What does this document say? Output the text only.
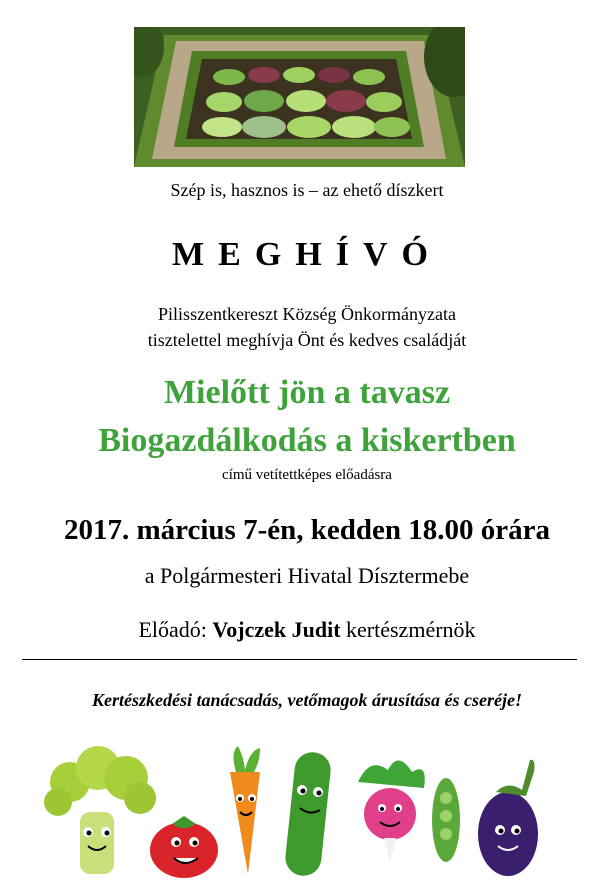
Szép is, hasznos is – az ehető díszkert
MEGHÍVÓ
Pilisszentkereszt Község Önkormányzata
tisztelettel meghívja Önt és kedves családját
Mielőtt jön a tavasz
Biogazdálkodás a kiskertben
című vetítettképes előadásra
2017. március 7-én, kedden 18.00 órára
a Polgármesteri Hivatal Dísztermebe
Előadó: Vojczek Judit kertészmérnök
Kertészkedési tanácsadás, vetőmagok árusítása és cseréje!
